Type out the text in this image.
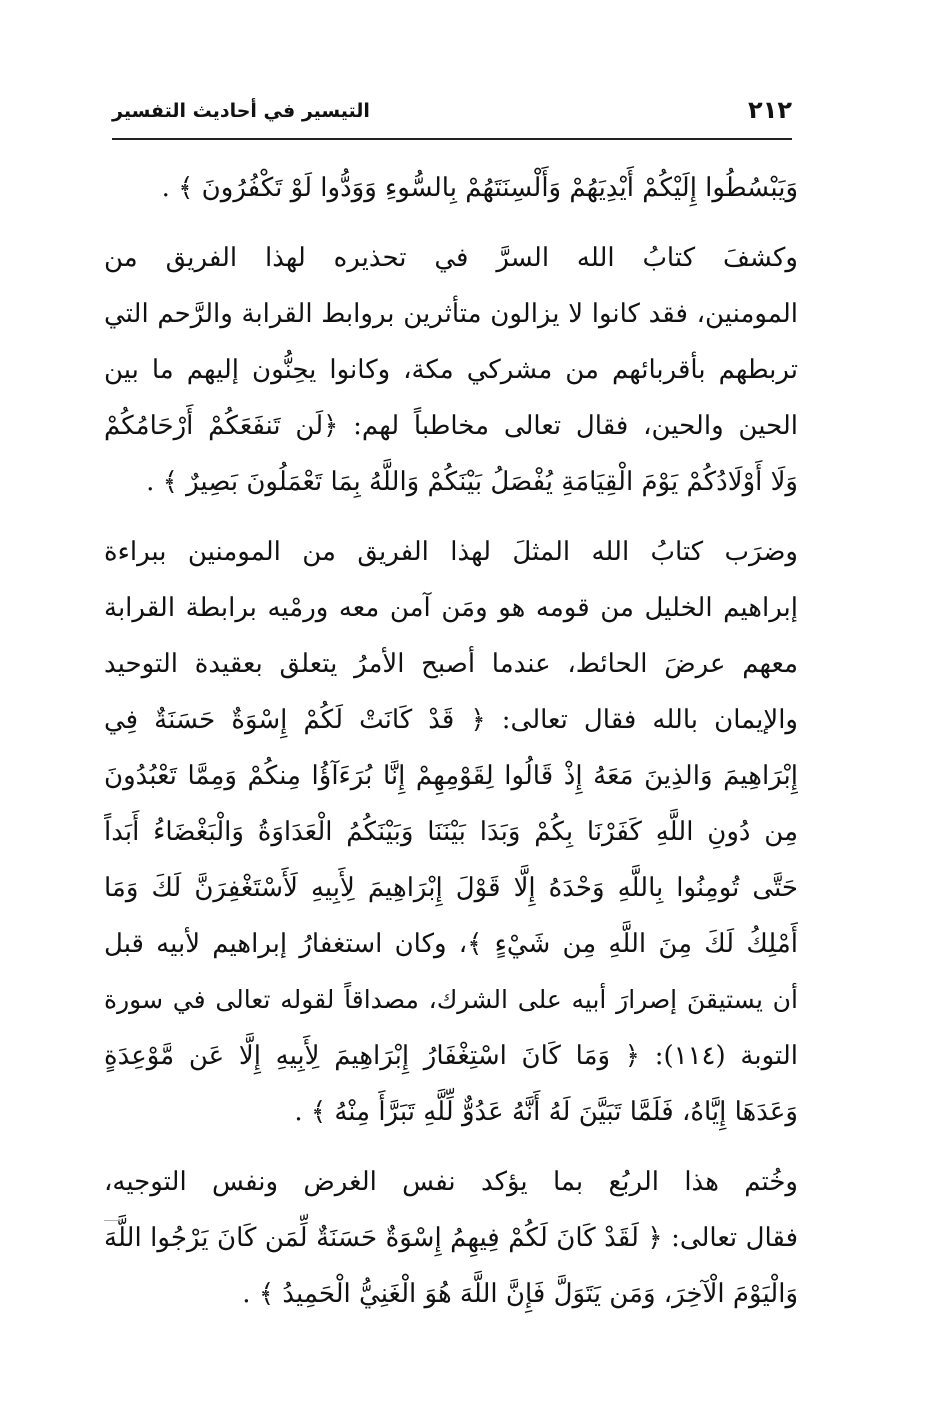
٢١٢
التيسير في أحاديث التفسير
وَيَبْسُطُوا إِلَيْكُمْ أَيْدِيَهُمْ وَأَلْسِنَتَهُمْ بِالسُّوءِ وَوَدُّوا لَوْ تَكْفُرُونَ ﴾ .
وكشفَ كتابُ الله السرَّ في تحذيره لهذا الفريق من
المومنين، فقد كانوا لا يزالون متأثرين بروابط القرابة والرَّحم التي
تربطهم بأقربائهم من مشركي مكة، وكانوا يحِنُّون إليهم ما بين
الحين والحين، فقال تعالى مخاطباً لهم: ﴿لَن تَنفَعَكُمْ أَرْحَامُكُمْ
وَلَا أَوْلَادُكُمْ يَوْمَ الْقِيَامَةِ يُفْصَلُ بَيْنَكُمْ وَاللَّهُ بِمَا تَعْمَلُونَ بَصِيرٌ ﴾ .
وضرَب كتابُ الله المثلَ لهذا الفريق من المومنين ببراءة
إبراهيم الخليل من قومه هو ومَن آمن معه ورمْيه برابطة القرابة
معهم عرضَ الحائط، عندما أصبح الأمرُ يتعلق بعقيدة التوحيد
والإيمان بالله فقال تعالى: ﴿ قَدْ كَانَتْ لَكُمْ إِسْوَةٌ حَسَنَةٌ فِي
إِبْرَاهِيمَ وَالذِينَ مَعَهُ إِذْ قَالُوا لِقَوْمِهِمْ إِنَّا بُرَءَآؤُا مِنكُمْ وَمِمَّا تَعْبُدُونَ
مِن دُونِ اللَّهِ كَفَرْنَا بِكُمْ وَبَدَا بَيْنَنَا وَبَيْنَكُمُ الْعَدَاوَةُ وَالْبَغْضَاءُ أَبَداً
حَتَّى تُومِنُوا بِاللَّهِ وَحْدَهُ إِلَّا قَوْلَ إِبْرَاهِيمَ لِأَبِيهِ لَأَسْتَغْفِرَنَّ لَكَ وَمَا
أَمْلِكُ لَكَ مِنَ اللَّهِ مِن شَيْءٍ ﴾، وكان استغفارُ إبراهيم لأبيه قبل
أن يستيقنَ إصرارَ أبيه على الشرك، مصداقاً لقوله تعالى في سورة
التوبة (١١٤): ﴿ وَمَا كَانَ اسْتِغْفَارُ إِبْرَاهِيمَ لِأَبِيهِ إِلَّا عَن مَّوْعِدَةٍ
وَعَدَهَا إِيَّاهُ، فَلَمَّا تَبَيَّنَ لَهُ أَنَّهُ عَدُوٌّ لِّلَّهِ تَبَرَّأَ مِنْهُ ﴾ .
وخُتم هذا الربُع بما يؤكد نفس الغرض ونفس التوجيه،
فقال تعالى: ﴿ لَقَدْ كَانَ لَكُمْ فِيهِمُ إِسْوَةٌ حَسَنَةٌ لِّمَن كَانَ يَرْجُوا اللَّهَ
وَالْيَوْمَ الْآخِرَ، وَمَن يَتَوَلَّ فَإِنَّ اللَّهَ هُوَ الْغَنِيُّ الْحَمِيدُ ﴾ .
